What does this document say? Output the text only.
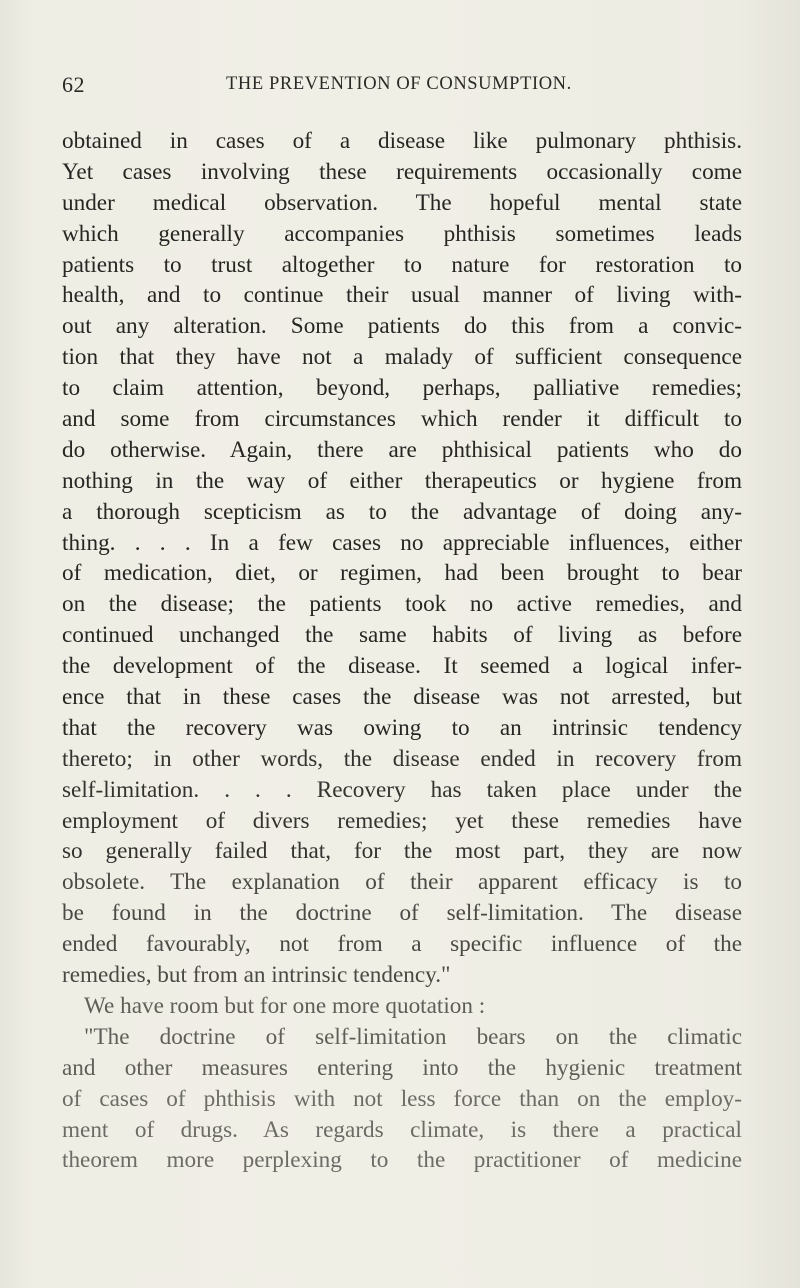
62	THE PREVENTION OF CONSUMPTION.
obtained in cases of a disease like pulmonary phthisis.
Yet cases involving these requirements occasionally come
under medical observation. The hopeful mental state
which generally accompanies phthisis sometimes leads
patients to trust altogether to nature for restoration to
health, and to continue their usual manner of living with-
out any alteration. Some patients do this from a convic-
tion that they have not a malady of sufficient consequence
to claim attention, beyond, perhaps, palliative remedies;
and some from circumstances which render it difficult to
do otherwise. Again, there are phthisical patients who do
nothing in the way of either therapeutics or hygiene from
a thorough scepticism as to the advantage of doing any-
thing. . . . In a few cases no appreciable influences, either
of medication, diet, or regimen, had been brought to bear
on the disease; the patients took no active remedies, and
continued unchanged the same habits of living as before
the development of the disease. It seemed a logical infer-
ence that in these cases the disease was not arrested, but
that the recovery was owing to an intrinsic tendency
thereto; in other words, the disease ended in recovery from
self-limitation. . . . Recovery has taken place under the
employment of divers remedies; yet these remedies have
so generally failed that, for the most part, they are now
obsolete. The explanation of their apparent efficacy is to
be found in the doctrine of self-limitation. The disease
ended favourably, not from a specific influence of the
remedies, but from an intrinsic tendency."
We have room but for one more quotation :
"The doctrine of self-limitation bears on the climatic
and other measures entering into the hygienic treatment
of cases of phthisis with not less force than on the employ-
ment of drugs. As regards climate, is there a practical
theorem more perplexing to the practitioner of medicine
